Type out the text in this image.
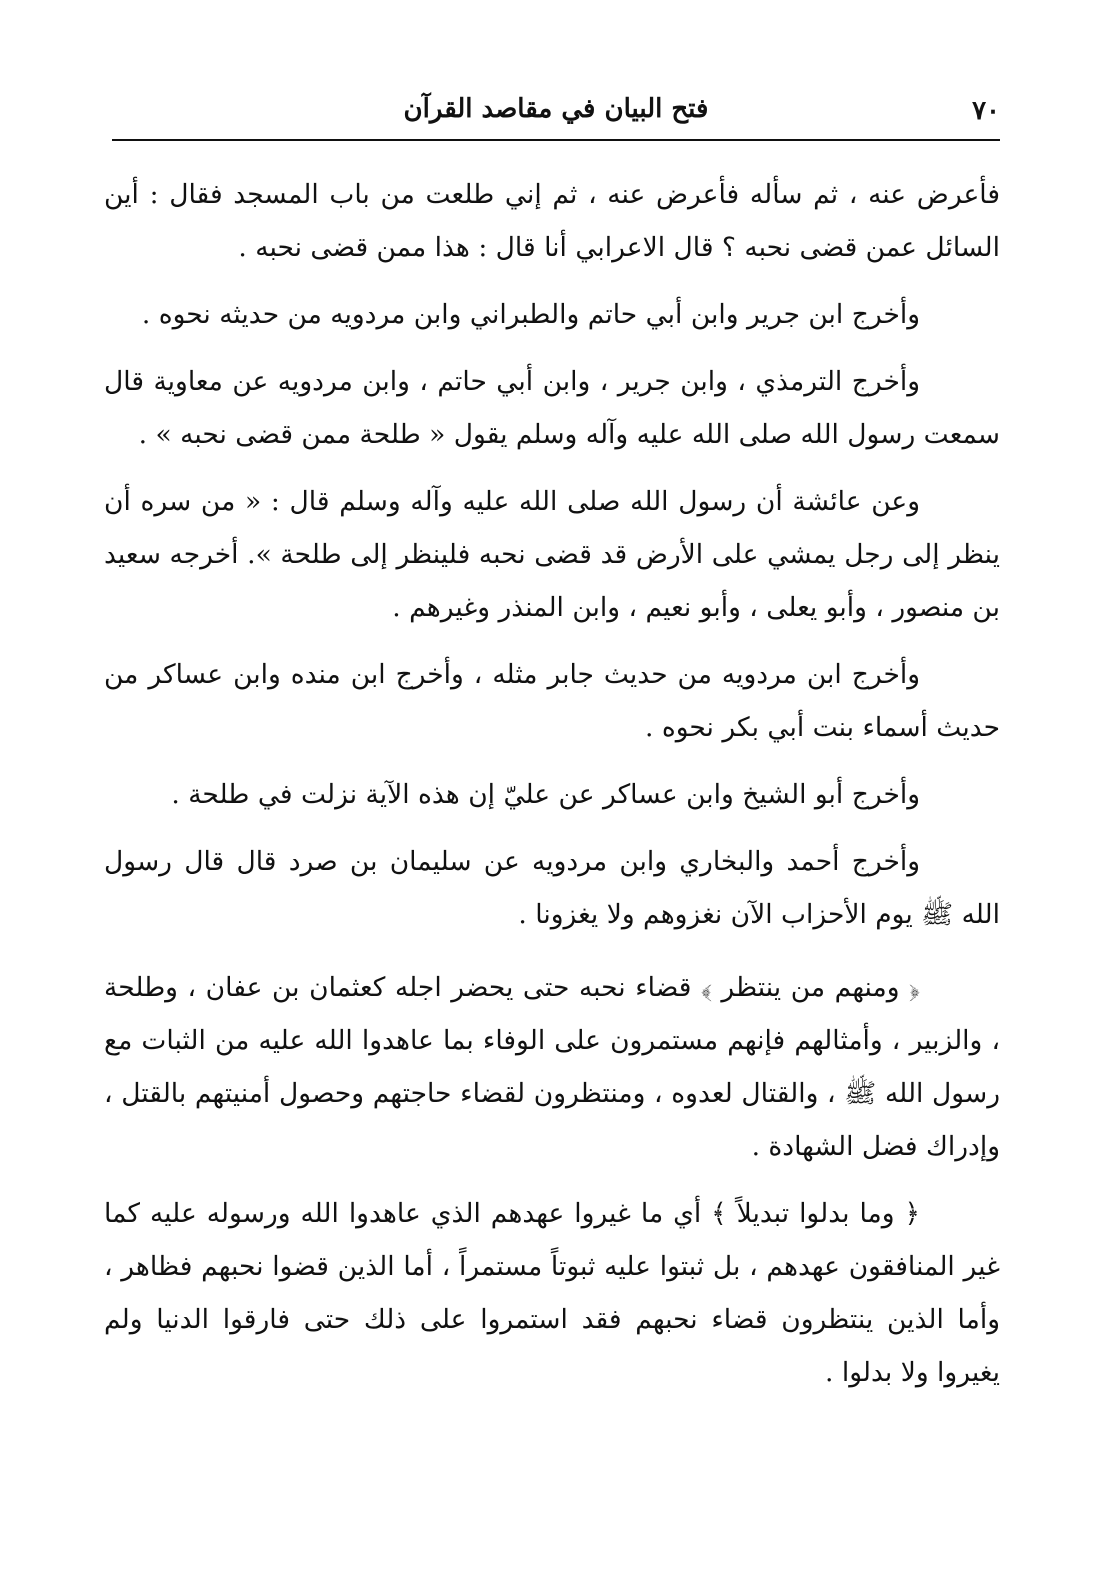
٧٠
فتح البيان في مقاصد القرآن

فأعرض عنه ، ثم سأله فأعرض عنه ، ثم إني طلعت من باب المسجد فقال : أين السائل عمن قضى نحبه ؟ قال الاعرابي أنا قال : هذا ممن قضى نحبه .

وأخرج ابن جرير وابن أبي حاتم والطبراني وابن مردويه من حديثه نحوه .

وأخرج الترمذي ، وابن جرير ، وابن أبي حاتم ، وابن مردويه عن معاوية قال سمعت رسول الله صلى الله عليه وآله وسلم يقول « طلحة ممن قضى نحبه » .

وعن عائشة أن رسول الله صلى الله عليه وآله وسلم قال : « من سره أن ينظر إلى رجل يمشي على الأرض قد قضى نحبه فلينظر إلى طلحة ». أخرجه سعيد بن منصور ، وأبو يعلى ، وأبو نعيم ، وابن المنذر وغيرهم .

وأخرج ابن مردويه من حديث جابر مثله ، وأخرج ابن منده وابن عساكر من حديث أسماء بنت أبي بكر نحوه .

وأخرج أبو الشيخ وابن عساكر عن عليّ إن هذه الآية نزلت في طلحة .

وأخرج أحمد والبخاري وابن مردويه عن سليمان بن صرد قال قال رسول الله ﷺ يوم الأحزاب الآن نغزوهم ولا يغزونا .

﴿ ومنهم من ينتظر ﴾ قضاء نحبه حتى يحضر اجله كعثمان بن عفان ، وطلحة ، والزبير ، وأمثالهم فإنهم مستمرون على الوفاء بما عاهدوا الله عليه من الثبات مع رسول الله ﷺ ، والقتال لعدوه ، ومنتظرون لقضاء حاجتهم وحصول أمنيتهم بالقتل ، وإدراك فضل الشهادة .

﴿ وما بدلوا تبديلاً ﴾ أي ما غيروا عهدهم الذي عاهدوا الله ورسوله عليه كما غير المنافقون عهدهم ، بل ثبتوا عليه ثبوتاً مستمراً ، أما الذين قضوا نحبهم فظاهر ، وأما الذين ينتظرون قضاء نحبهم فقد استمروا على ذلك حتى فارقوا الدنيا ولم يغيروا ولا بدلوا .
